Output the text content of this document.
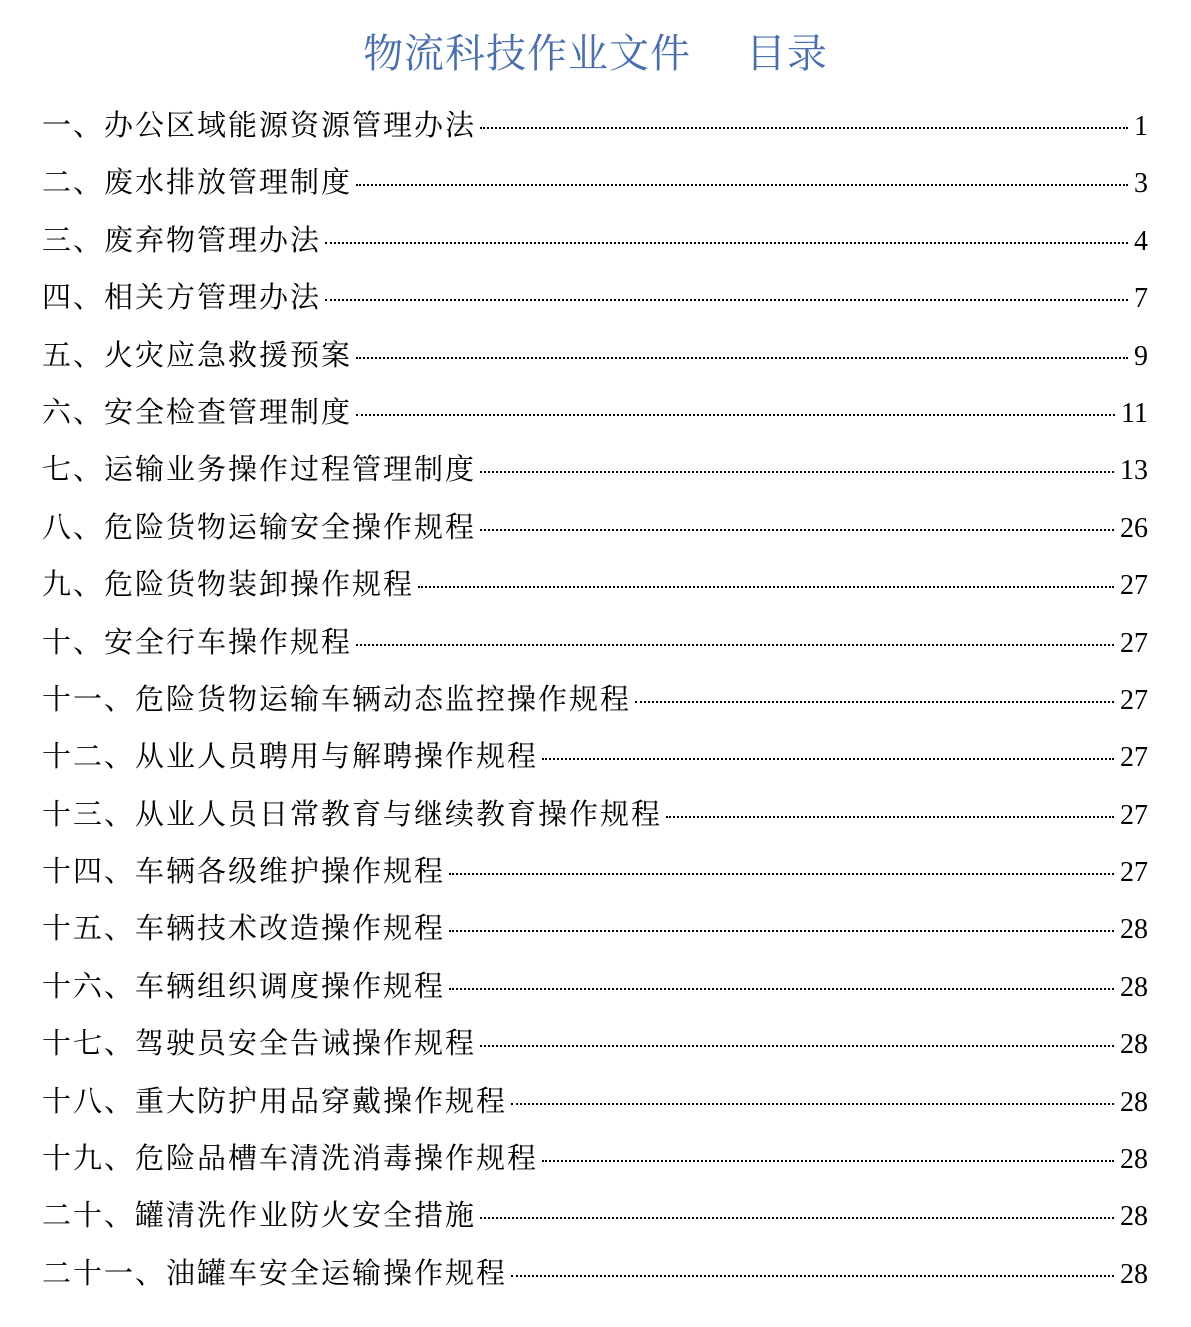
物流科技作业文件    目录
一、办公区域能源资源管理办法	1
二、废水排放管理制度	3
三、废弃物管理办法	4
四、相关方管理办法	7
五、火灾应急救援预案	9
六、安全检查管理制度	11
七、运输业务操作过程管理制度	13
八、危险货物运输安全操作规程	26
九、危险货物装卸操作规程	27
十、安全行车操作规程	27
十一、危险货物运输车辆动态监控操作规程	27
十二、从业人员聘用与解聘操作规程	27
十三、从业人员日常教育与继续教育操作规程	27
十四、车辆各级维护操作规程	27
十五、车辆技术改造操作规程	28
十六、车辆组织调度操作规程	28
十七、驾驶员安全告诫操作规程	28
十八、重大防护用品穿戴操作规程	28
十九、危险品槽车清洗消毒操作规程	28
二十、罐清洗作业防火安全措施	28
二十一、油罐车安全运输操作规程	28
